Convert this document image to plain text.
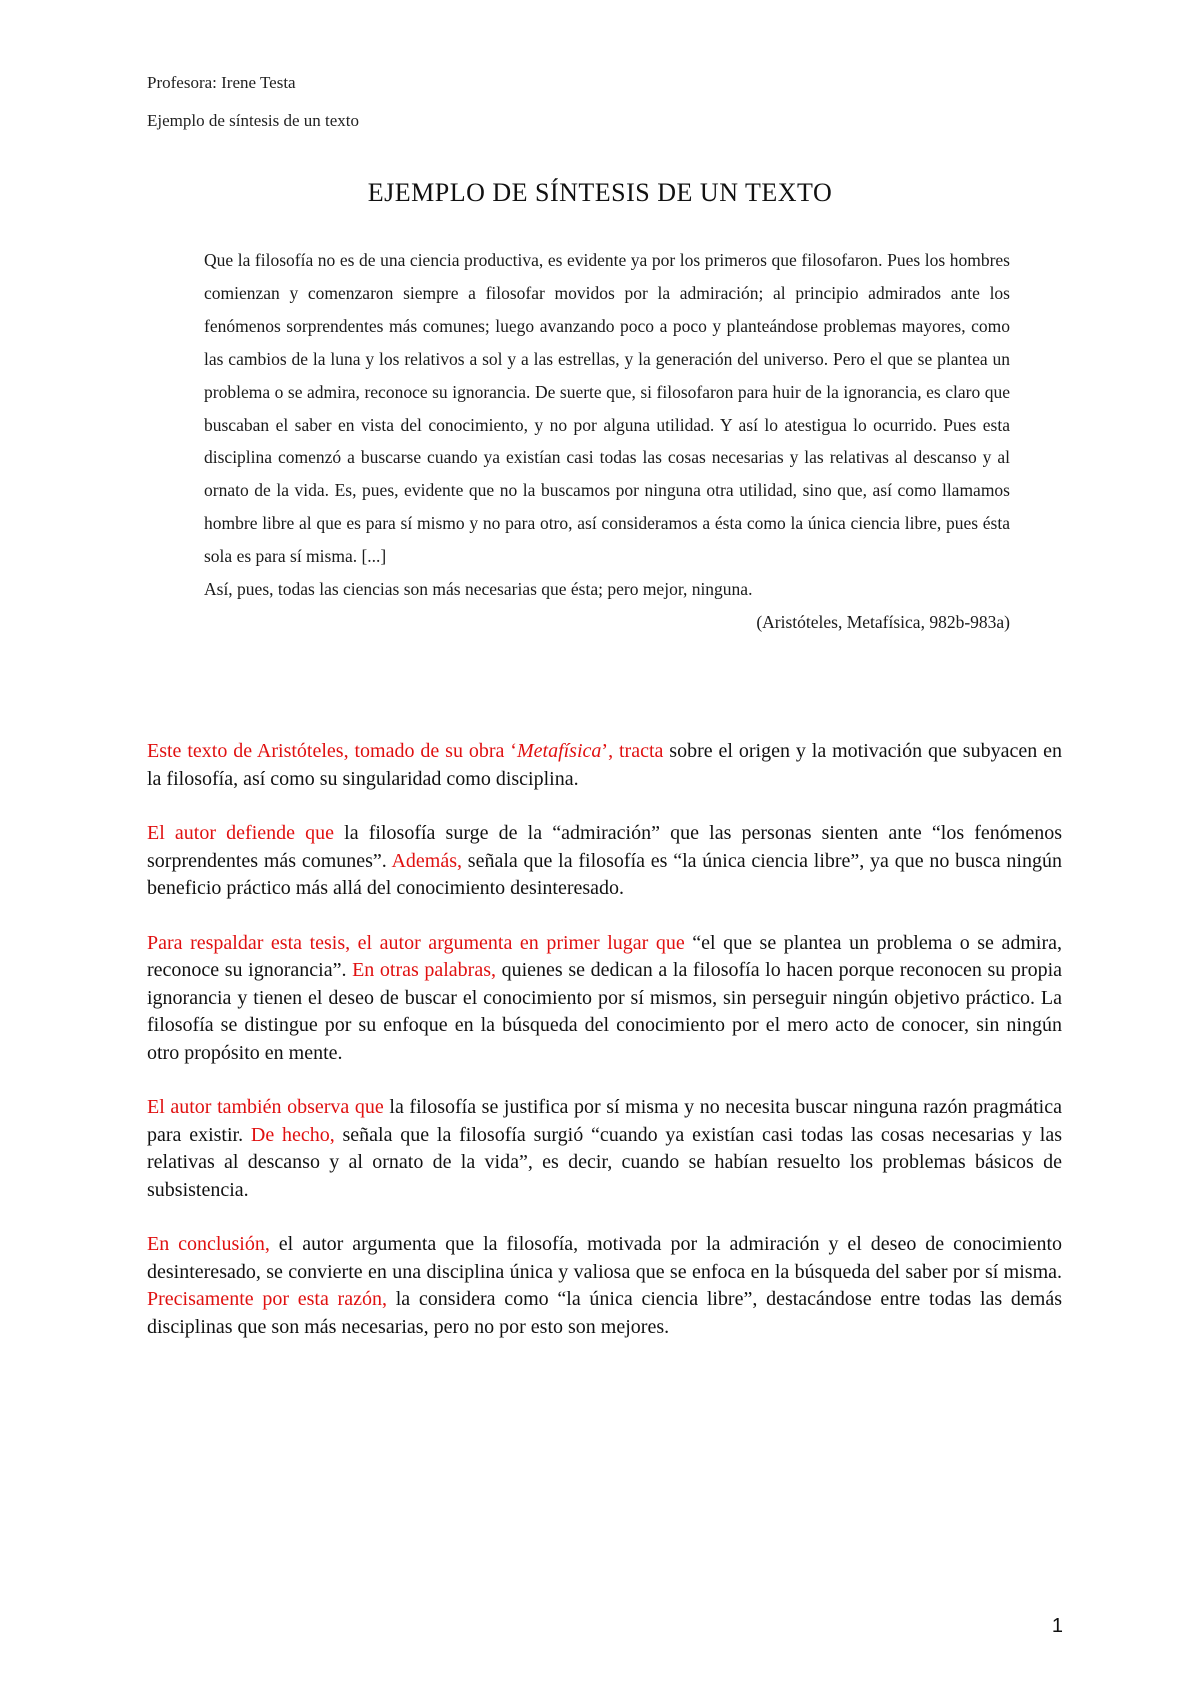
Profesora: Irene Testa
Ejemplo de síntesis de un texto
EJEMPLO DE SÍNTESIS DE UN TEXTO

Que la filosofía no es de una ciencia productiva, es evidente ya por los primeros que filosofaron. Pues los hombres comienzan y comenzaron siempre a filosofar movidos por la admiración; al principio admirados ante los fenómenos sorprendentes más comunes; luego avanzando poco a poco y planteándose problemas mayores, como las cambios de la luna y los relativos a sol y a las estrellas, y la generación del universo. Pero el que se plantea un problema o se admira, reconoce su ignorancia. De suerte que, si filosofaron para huir de la ignorancia, es claro que buscaban el saber en vista del conocimiento, y no por alguna utilidad. Y así lo atestigua lo ocurrido. Pues esta disciplina comenzó a buscarse cuando ya existían casi todas las cosas necesarias y las relativas al descanso y al ornato de la vida. Es, pues, evidente que no la buscamos por ninguna otra utilidad, sino que, así como llamamos hombre libre al que es para sí mismo y no para otro, así consideramos a ésta como la única ciencia libre, pues ésta sola es para sí misma. [...]

Así, pues, todas las ciencias son más necesarias que ésta; pero mejor, ninguna.

(Aristóteles, Metafísica, 982b-983a)

Este texto de Aristóteles, tomado de su obra ‘Metafísica’, tracta sobre el origen y la motivación que subyacen en la filosofía, así como su singularidad como disciplina.

El autor defiende que la filosofía surge de la “admiración” que las personas sienten ante “los fenómenos sorprendentes más comunes”. Además, señala que la filosofía es “la única ciencia libre”, ya que no busca ningún beneficio práctico más allá del conocimiento desinteresado.

Para respaldar esta tesis, el autor argumenta en primer lugar que “el que se plantea un problema o se admira, reconoce su ignorancia”. En otras palabras, quienes se dedican a la filosofía lo hacen porque reconocen su propia ignorancia y tienen el deseo de buscar el conocimiento por sí mismos, sin perseguir ningún objetivo práctico. La filosofía se distingue por su enfoque en la búsqueda del conocimiento por el mero acto de conocer, sin ningún otro propósito en mente.

El autor también observa que la filosofía se justifica por sí misma y no necesita buscar ninguna razón pragmática para existir. De hecho, señala que la filosofía surgió “cuando ya existían casi todas las cosas necesarias y las relativas al descanso y al ornato de la vida”, es decir, cuando se habían resuelto los problemas básicos de subsistencia.

En conclusión, el autor argumenta que la filosofía, motivada por la admiración y el deseo de conocimiento desinteresado, se convierte en una disciplina única y valiosa que se enfoca en la búsqueda del saber por sí misma. Precisamente por esta razón, la considera como “la única ciencia libre”, destacándose entre todas las demás disciplinas que son más necesarias, pero no por esto son mejores.

1
